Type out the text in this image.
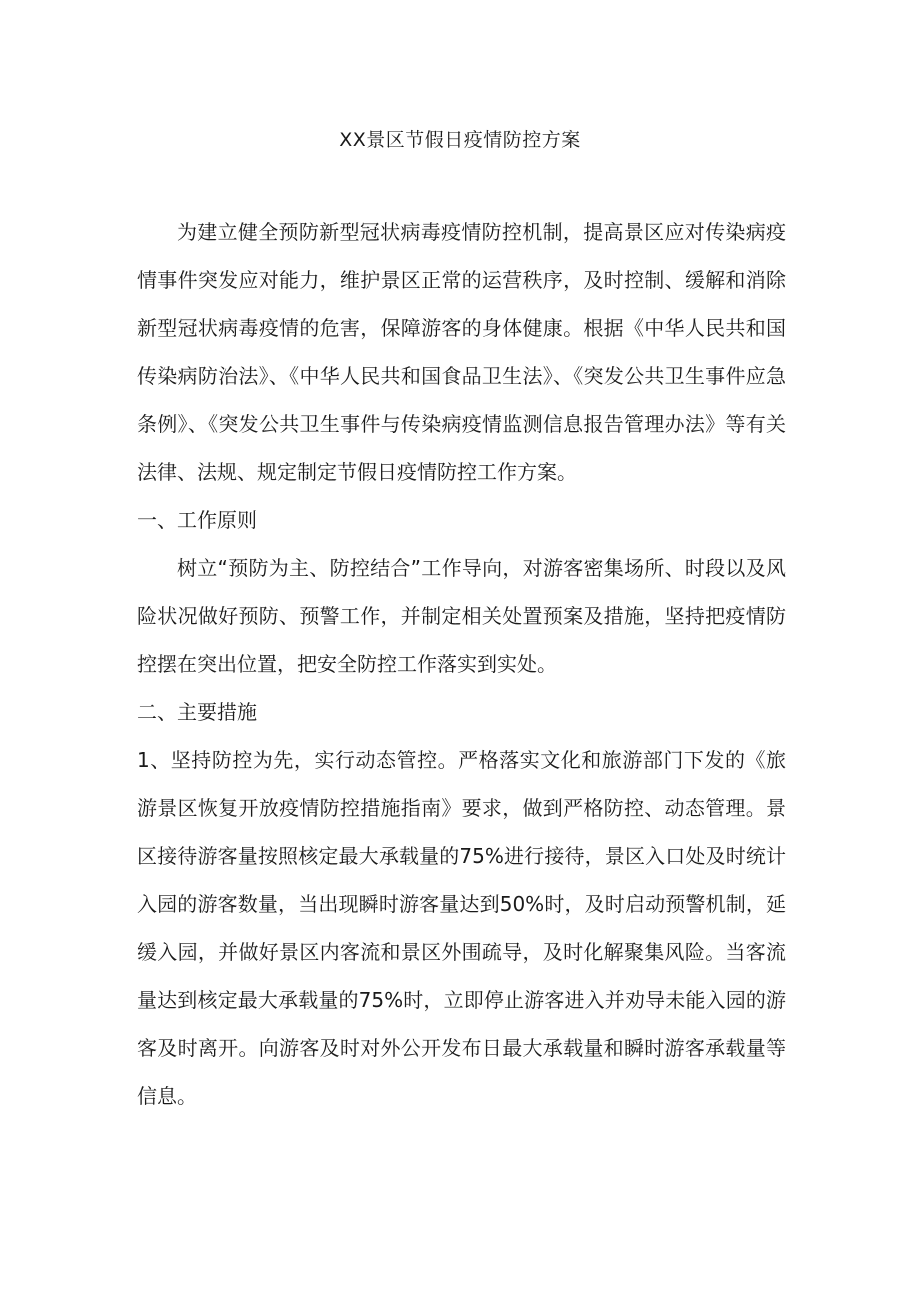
XX景区节假日疫情防控方案

为建立健全预防新型冠状病毒疫情防控机制，提高景区应对传染病疫情事件突发应对能力，维护景区正常的运营秩序，及时控制、缓解和消除新型冠状病毒疫情的危害，保障游客的身体健康。根据《中华人民共和国传染病防治法》、《中华人民共和国食品卫生法》、《突发公共卫生事件应急条例》、《突发公共卫生事件与传染病疫情监测信息报告管理办法》等有关法律、法规、规定制定节假日疫情防控工作方案。

一、工作原则

树立“预防为主、防控结合”工作导向，对游客密集场所、时段以及风险状况做好预防、预警工作，并制定相关处置预案及措施，坚持把疫情防控摆在突出位置，把安全防控工作落实到实处。

二、主要措施

1、坚持防控为先，实行动态管控。严格落实文化和旅游部门下发的《旅游景区恢复开放疫情防控措施指南》要求，做到严格防控、动态管理。景区接待游客量按照核定最大承载量的75%进行接待，景区入口处及时统计入园的游客数量，当出现瞬时游客量达到50%时，及时启动预警机制，延缓入园，并做好景区内客流和景区外围疏导，及时化解聚集风险。当客流量达到核定最大承载量的75%时，立即停止游客进入并劝导未能入园的游客及时离开。向游客及时对外公开发布日最大承载量和瞬时游客承载量等信息。
